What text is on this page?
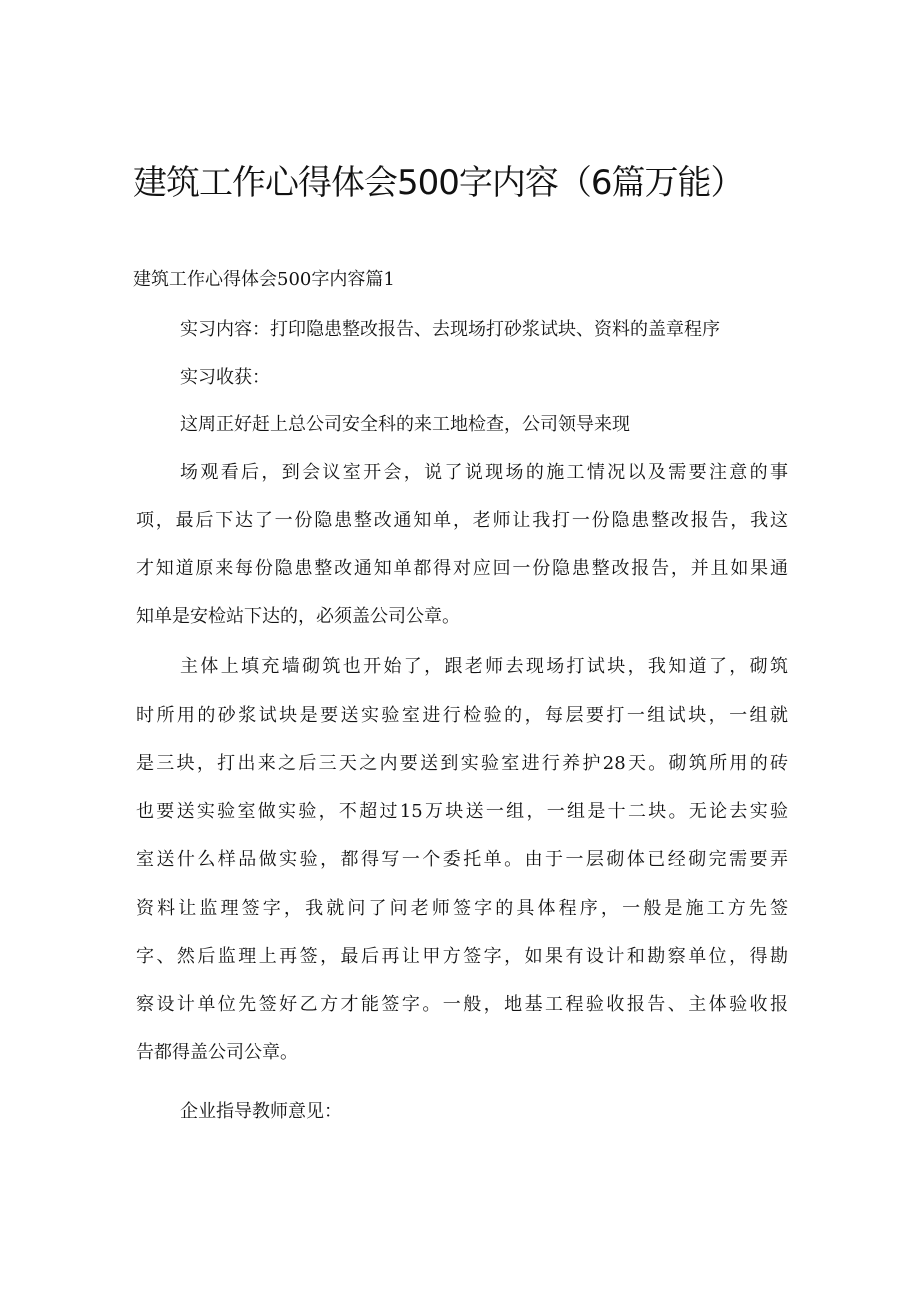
建筑工作心得体会500字内容（6篇万能）
建筑工作心得体会500字内容篇1

实习内容：打印隐患整改报告、去现场打砂浆试块、资料的盖章程序

实习收获：

这周正好赶上总公司安全科的来工地检查，公司领导来现

场观看后，到会议室开会，说了说现场的施工情况以及需要注意的事

项，最后下达了一份隐患整改通知单，老师让我打一份隐患整改报告，我这

才知道原来每份隐患整改通知单都得对应回一份隐患整改报告，并且如果通

知单是安检站下达的，必须盖公司公章。

主体上填充墙砌筑也开始了，跟老师去现场打试块，我知道了，砌筑

时所用的砂浆试块是要送实验室进行检验的，每层要打一组试块，一组就

是三块，打出来之后三天之内要送到实验室进行养护28天。砌筑所用的砖

也要送实验室做实验，不超过15万块送一组，一组是十二块。无论去实验

室送什么样品做实验，都得写一个委托单。由于一层砌体已经砌完需要弄

资料让监理签字，我就问了问老师签字的具体程序，一般是施工方先签

字、然后监理上再签，最后再让甲方签字，如果有设计和勘察单位，得勘

察设计单位先签好乙方才能签字。一般，地基工程验收报告、主体验收报

告都得盖公司公章。

企业指导教师意见：
